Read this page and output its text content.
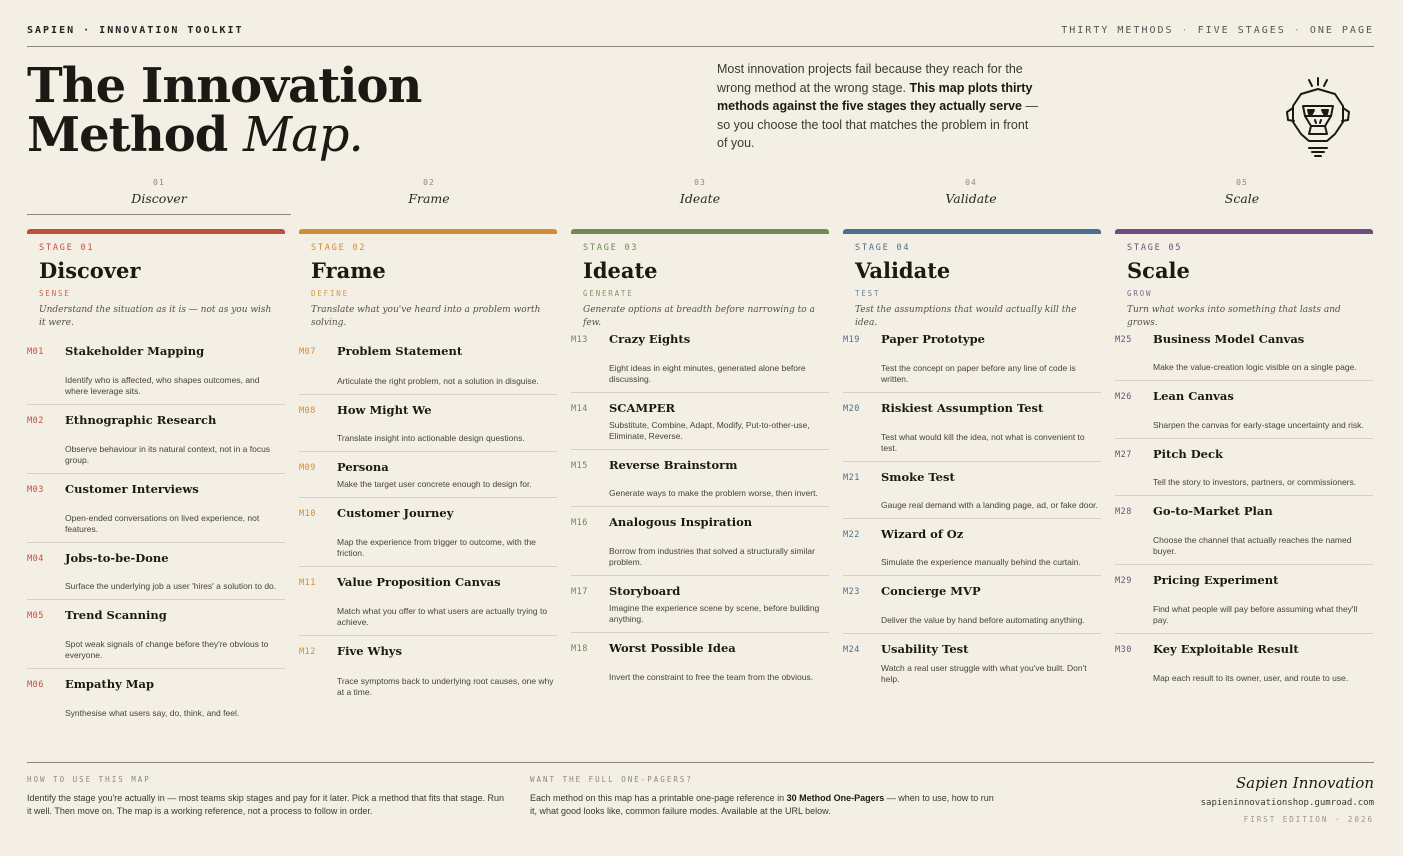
SAPIEN · INNOVATION TOOLKIT	THIRTY METHODS · FIVE STAGES · ONE PAGE
The Innovation
Method Map.
Most innovation projects fail because they reach for the wrong method at the wrong stage. This map plots thirty methods against the five stages they actually serve — so you choose the tool that matches the problem in front of you.
01
Discover
02
Frame
03
Ideate
04
Validate
05
Scale
STAGE 01
Discover
SENSE
Understand the situation as it is — not as you wish it were.
M01 Stakeholder Mapping
Identify who is affected, who shapes outcomes, and where leverage sits.
M02 Ethnographic Research
Observe behaviour in its natural context, not in a focus group.
M03 Customer Interviews
Open-ended conversations on lived experience, not features.
M04 Jobs-to-be-Done
Surface the underlying job a user 'hires' a solution to do.
M05 Trend Scanning
Spot weak signals of change before they're obvious to everyone.
M06 Empathy Map
Synthesise what users say, do, think, and feel.
STAGE 02
Frame
DEFINE
Translate what you've heard into a problem worth solving.
M07 Problem Statement
Articulate the right problem, not a solution in disguise.
M08 How Might We
Translate insight into actionable design questions.
M09 Persona
Make the target user concrete enough to design for.
M10 Customer Journey
Map the experience from trigger to outcome, with the friction.
M11 Value Proposition Canvas
Match what you offer to what users are actually trying to achieve.
M12 Five Whys
Trace symptoms back to underlying root causes, one why at a time.
STAGE 03
Ideate
GENERATE
Generate options at breadth before narrowing to a few.
M13 Crazy Eights
Eight ideas in eight minutes, generated alone before discussing.
M14 SCAMPER
Substitute, Combine, Adapt, Modify, Put-to-other-use, Eliminate, Reverse.
M15 Reverse Brainstorm
Generate ways to make the problem worse, then invert.
M16 Analogous Inspiration
Borrow from industries that solved a structurally similar problem.
M17 Storyboard
Imagine the experience scene by scene, before building anything.
M18 Worst Possible Idea
Invert the constraint to free the team from the obvious.
STAGE 04
Validate
TEST
Test the assumptions that would actually kill the idea.
M19 Paper Prototype
Test the concept on paper before any line of code is written.
M20 Riskiest Assumption Test
Test what would kill the idea, not what is convenient to test.
M21 Smoke Test
Gauge real demand with a landing page, ad, or fake door.
M22 Wizard of Oz
Simulate the experience manually behind the curtain.
M23 Concierge MVP
Deliver the value by hand before automating anything.
M24 Usability Test
Watch a real user struggle with what you've built. Don't help.
STAGE 05
Scale
GROW
Turn what works into something that lasts and grows.
M25 Business Model Canvas
Make the value-creation logic visible on a single page.
M26 Lean Canvas
Sharpen the canvas for early-stage uncertainty and risk.
M27 Pitch Deck
Tell the story to investors, partners, or commissioners.
M28 Go-to-Market Plan
Choose the channel that actually reaches the named buyer.
M29 Pricing Experiment
Find what people will pay before assuming what they'll pay.
M30 Key Exploitable Result
Map each result to its owner, user, and route to use.
HOW TO USE THIS MAP
Identify the stage you're actually in — most teams skip stages and pay for it later. Pick a method that fits that stage. Run it well. Then move on. The map is a working reference, not a process to follow in order.
WANT THE FULL ONE-PAGERS?
Each method on this map has a printable one-page reference in 30 Method One-Pagers — when to use, how to run it, what good looks like, common failure modes. Available at the URL below.
Sapien Innovation
sapieninnovationshop.gumroad.com
FIRST EDITION · 2026
